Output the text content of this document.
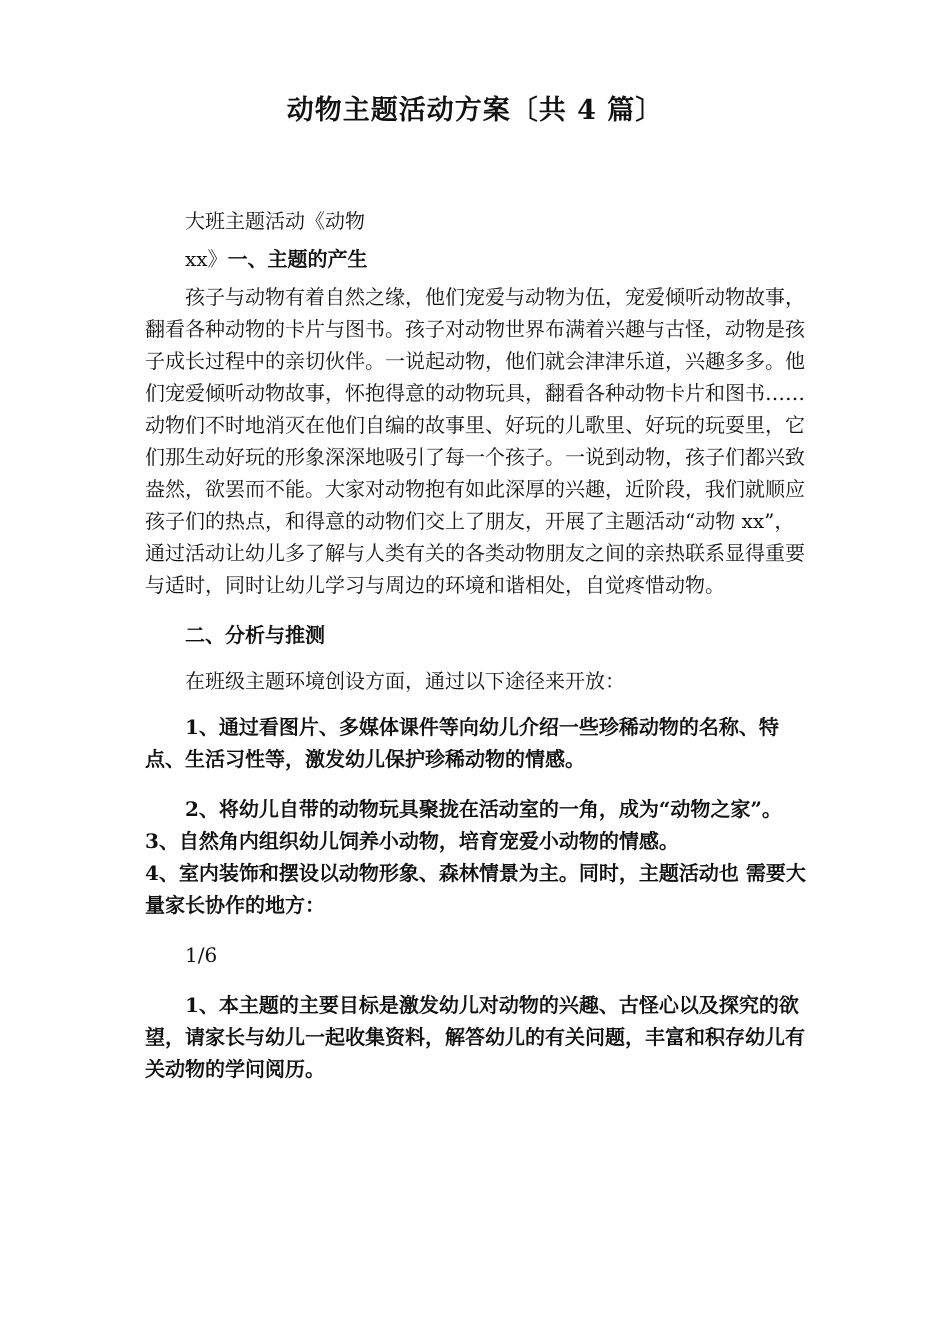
动物主题活动方案〔共 4 篇〕

大班主题活动《动物

xx》一、主题的产生

孩子与动物有着自然之缘，他们宠爱与动物为伍，宠爱倾听动物故事，翻看各种动物的卡片与图书。孩子对动物世界布满着兴趣与古怪，动物是孩子成长过程中的亲切伙伴。一说起动物，他们就会津津乐道，兴趣多多。他们宠爱倾听动物故事，怀抱得意的动物玩具，翻看各种动物卡片和图书……动物们不时地消灭在他们自编的故事里、好玩的儿歌里、好玩的玩耍里，它们那生动好玩的形象深深地吸引了每一个孩子。一说到动物，孩子们都兴致盎然，欲罢而不能。大家对动物抱有如此深厚的兴趣，近阶段，我们就顺应孩子们的热点，和得意的动物们交上了朋友，开展了主题活动“动物 xx”，通过活动让幼儿多了解与人类有关的各类动物朋友之间的亲热联系显得重要与适时，同时让幼儿学习与周边的环境和谐相处，自觉疼惜动物。

二、分析与推测

在班级主题环境创设方面，通过以下途径来开放：

1、通过看图片、多媒体课件等向幼儿介绍一些珍稀动物的名称、特点、生活习性等，激发幼儿保护珍稀动物的情感。

2、将幼儿自带的动物玩具聚拢在活动室的一角，成为“动物之家”。3、自然角内组织幼儿饲养小动物，培育宠爱小动物的情感。

4、室内装饰和摆设以动物形象、森林情景为主。同时，主题活动也 需要大量家长协作的地方：

1/6

1、本主题的主要目标是激发幼儿对动物的兴趣、古怪心以及探究的欲望，请家长与幼儿一起收集资料，解答幼儿的有关问题，丰富和积存幼儿有关动物的学问阅历。
